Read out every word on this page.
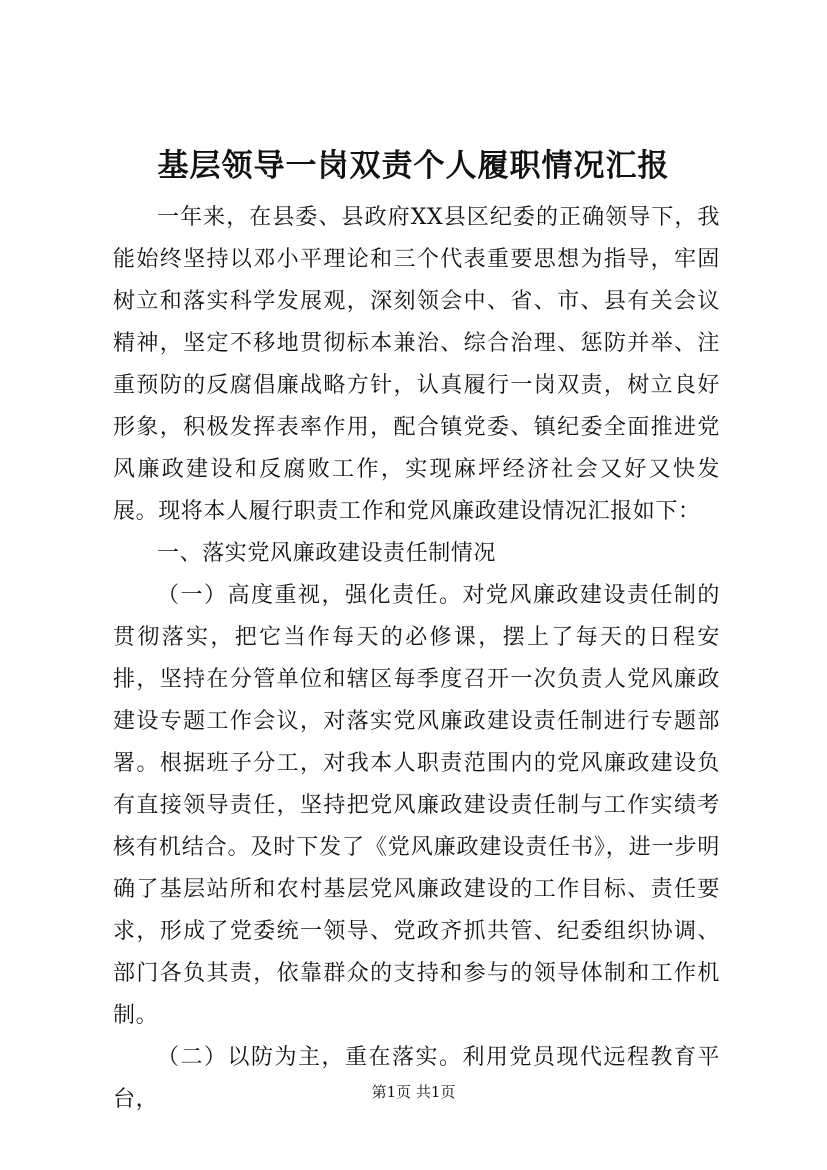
基层领导一岗双责个人履职情况汇报

一年来，在县委、县政府XX县区纪委的正确领导下，我能始终坚持以邓小平理论和三个代表重要思想为指导，牢固树立和落实科学发展观，深刻领会中、省、市、县有关会议精神，坚定不移地贯彻标本兼治、综合治理、惩防并举、注重预防的反腐倡廉战略方针，认真履行一岗双责，树立良好形象，积极发挥表率作用，配合镇党委、镇纪委全面推进党风廉政建设和反腐败工作，实现麻坪经济社会又好又快发展。现将本人履行职责工作和党风廉政建设情况汇报如下：

一、落实党风廉政建设责任制情况

（一）高度重视，强化责任。对党风廉政建设责任制的贯彻落实，把它当作每天的必修课，摆上了每天的日程安排，坚持在分管单位和辖区每季度召开一次负责人党风廉政建设专题工作会议，对落实党风廉政建设责任制进行专题部署。根据班子分工，对我本人职责范围内的党风廉政建设负有直接领导责任，坚持把党风廉政建设责任制与工作实绩考核有机结合。及时下发了《党风廉政建设责任书》，进一步明确了基层站所和农村基层党风廉政建设的工作目标、责任要求，形成了党委统一领导、党政齐抓共管、纪委组织协调、部门各负其责，依靠群众的支持和参与的领导体制和工作机制。

（二）以防为主，重在落实。利用党员现代远程教育平台，	第1页 共1页
